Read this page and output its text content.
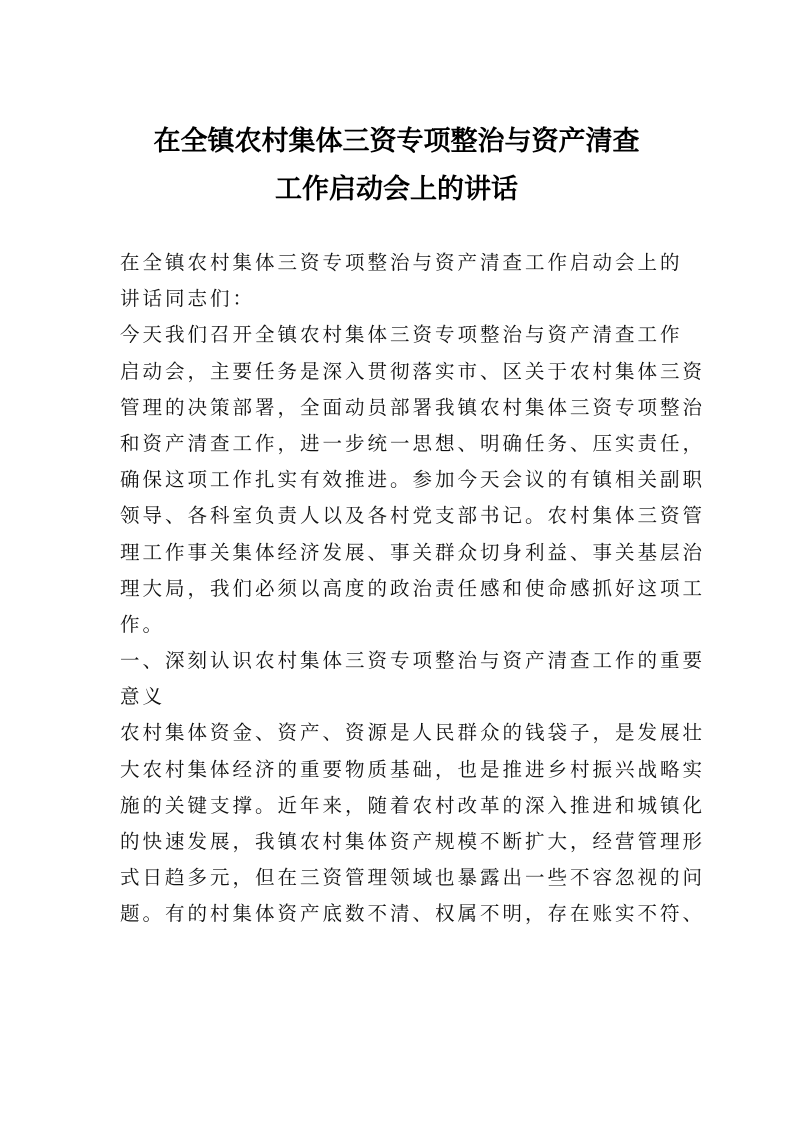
在全镇农村集体三资专项整治与资产清查
工作启动会上的讲话
在全镇农村集体三资专项整治与资产清查工作启动会上的
讲话同志们：
今天我们召开全镇农村集体三资专项整治与资产清查工作
启动会，主要任务是深入贯彻落实市、区关于农村集体三资
管理的决策部署，全面动员部署我镇农村集体三资专项整治
和资产清查工作，进一步统一思想、明确任务、压实责任，
确保这项工作扎实有效推进。参加今天会议的有镇相关副职
领导、各科室负责人以及各村党支部书记。农村集体三资管
理工作事关集体经济发展、事关群众切身利益、事关基层治
理大局，我们必须以高度的政治责任感和使命感抓好这项工
作。
一、深刻认识农村集体三资专项整治与资产清查工作的重要
意义
农村集体资金、资产、资源是人民群众的钱袋子，是发展壮
大农村集体经济的重要物质基础，也是推进乡村振兴战略实
施的关键支撑。近年来，随着农村改革的深入推进和城镇化
的快速发展，我镇农村集体资产规模不断扩大，经营管理形
式日趋多元，但在三资管理领域也暴露出一些不容忽视的问
题。有的村集体资产底数不清、权属不明，存在账实不符、
